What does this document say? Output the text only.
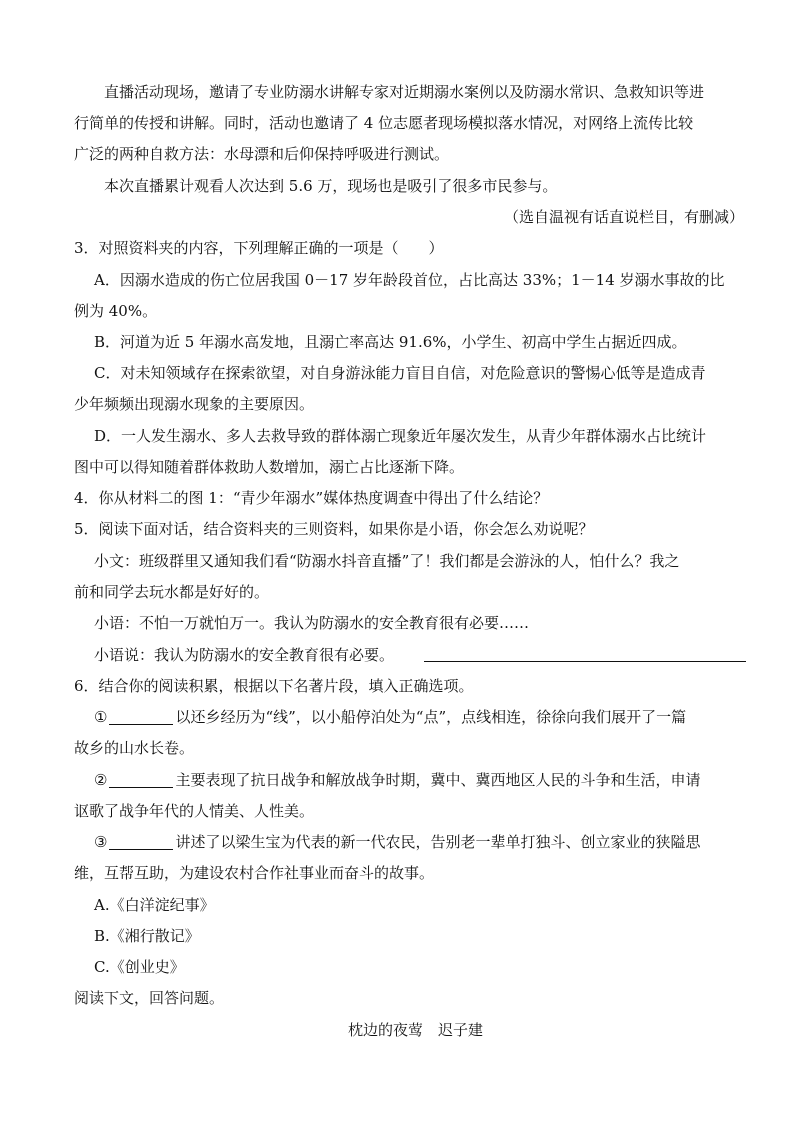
直播活动现场，邀请了专业防溺水讲解专家对近期溺水案例以及防溺水常识、急救知识等进
行简单的传授和讲解。同时，活动也邀请了 4 位志愿者现场模拟落水情况，对网络上流传比较
广泛的两种自救方法：水母漂和后仰保持呼吸进行测试。
本次直播累计观看人次达到 5.6 万，现场也是吸引了很多市民参与。
（选自温视有话直说栏目，有删减）
3．对照资料夹的内容，下列理解正确的一项是（　　）
A．因溺水造成的伤亡位居我国 0－17 岁年龄段首位，占比高达 33%；1－14 岁溺水事故的比
例为 40%。
B．河道为近 5 年溺水高发地，且溺亡率高达 91.6%，小学生、初高中学生占据近四成。
C．对未知领域存在探索欲望，对自身游泳能力盲目自信，对危险意识的警惕心低等是造成青
少年频频出现溺水现象的主要原因。
D．一人发生溺水、多人去救导致的群体溺亡现象近年屡次发生，从青少年群体溺水占比统计
图中可以得知随着群体救助人数增加，溺亡占比逐渐下降。
4．你从材料二的图 1：“青少年溺水”媒体热度调查中得出了什么结论？
5．阅读下面对话，结合资料夹的三则资料，如果你是小语，你会怎么劝说呢？
小文：班级群里又通知我们看“防溺水抖音直播”了！我们都是会游泳的人，怕什么？我之
前和同学去玩水都是好好的。
小语：不怕一万就怕万一。我认为防溺水的安全教育很有必要……
小语说：我认为防溺水的安全教育很有必要。
6．结合你的阅读积累，根据以下名著片段，填入正确选项。
①	以还乡经历为“线”，以小船停泊处为“点”，点线相连，徐徐向我们展开了一篇
故乡的山水长卷。
②	主要表现了抗日战争和解放战争时期，冀中、冀西地区人民的斗争和生活，申请
讴歌了战争年代的人情美、人性美。
③	讲述了以梁生宝为代表的新一代农民，告别老一辈单打独斗、创立家业的狭隘思
维，互帮互助，为建设农村合作社事业而奋斗的故事。
A.《白洋淀纪事》
B.《湘行散记》
C.《创业史》
阅读下文，回答问题。
枕边的夜莺　迟子建
